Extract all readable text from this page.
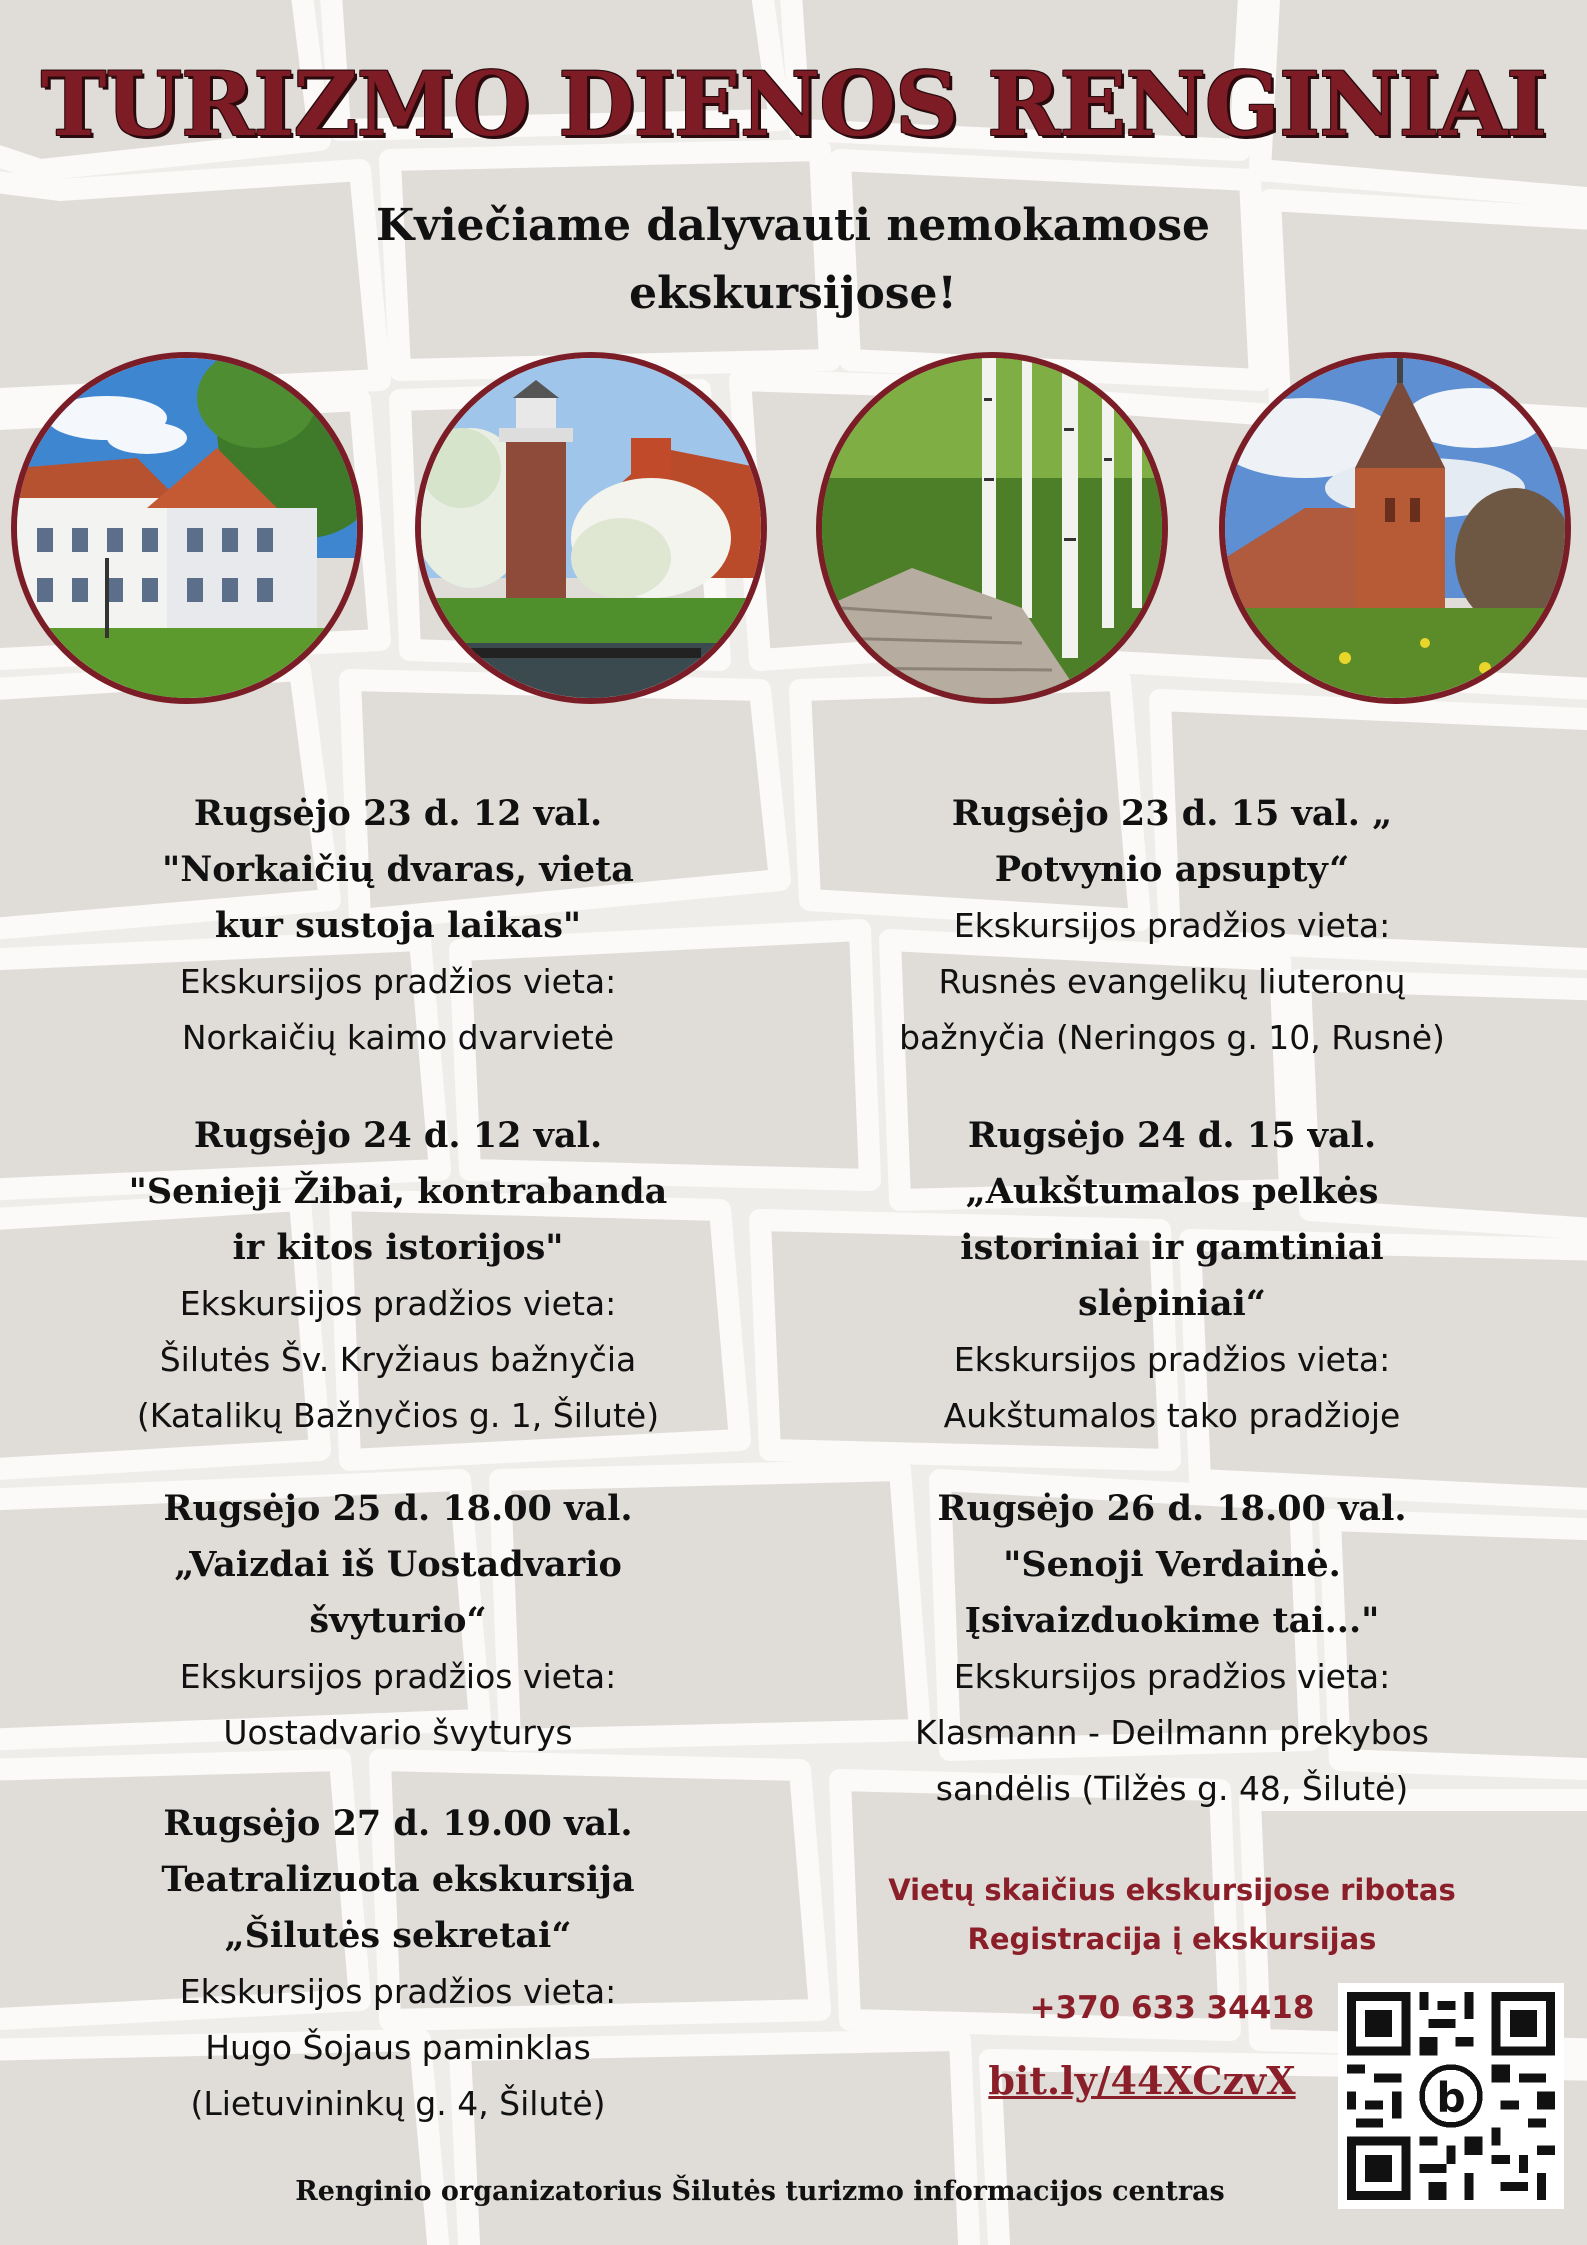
TURIZMO DIENOS RENGINIAI
Kviečiame dalyvauti nemokamose
ekskursijose!
Rugsėjo 23 d. 12 val.
"Norkaičių dvaras, vieta
kur sustoja laikas"
Ekskursijos pradžios vieta:
Norkaičių kaimo dvarvietė
Rugsėjo 23 d. 15 val. „
Potvynio apsupty“
Ekskursijos pradžios vieta:
Rusnės evangelikų liuteronų
bažnyčia (Neringos g. 10, Rusnė)
Rugsėjo 24 d. 12 val.
"Senieji Žibai, kontrabanda
ir kitos istorijos"
Ekskursijos pradžios vieta:
Šilutės Šv. Kryžiaus bažnyčia
(Katalikų Bažnyčios g. 1, Šilutė)
Rugsėjo 24 d. 15 val.
„Aukštumalos pelkės
istoriniai ir gamtiniai
slėpiniai“
Ekskursijos pradžios vieta:
Aukštumalos tako pradžioje
Rugsėjo 25 d. 18.00 val.
„Vaizdai iš Uostadvario
švyturio“
Ekskursijos pradžios vieta:
Uostadvario švyturys
Rugsėjo 26 d. 18.00 val.
"Senoji Verdainė.
Įsivaizduokime tai..."
Ekskursijos pradžios vieta:
Klasmann - Deilmann prekybos
sandėlis (Tilžės g. 48, Šilutė)
Rugsėjo 27 d. 19.00 val.
Teatralizuota ekskursija
„Šilutės sekretai“
Ekskursijos pradžios vieta:
Hugo Šojaus paminklas
(Lietuvininkų g. 4, Šilutė)
Vietų skaičius ekskursijose ribotas
Registracija į ekskursijas
+370 633 34418
bit.ly/44XCzvX	b
Renginio organizatorius Šilutės turizmo informacijos centras
